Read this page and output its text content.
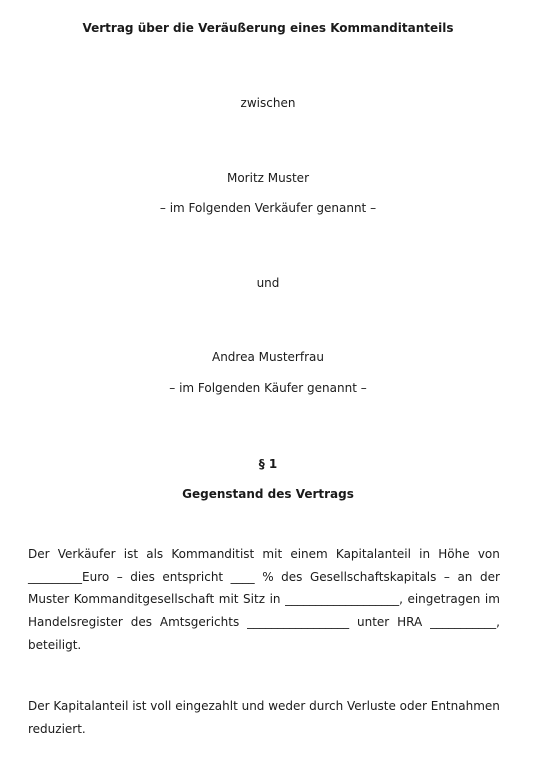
Vertrag über die Veräußerung eines Kommanditanteils
zwischen
Moritz Muster
– im Folgenden Verkäufer genannt –
und
Andrea Musterfrau
– im Folgenden Käufer genannt –
§ 1
Gegenstand des Vertrags
Der Verkäufer ist als Kommanditist mit einem Kapitalanteil in Höhe von
_________Euro – dies entspricht ____ % des Gesellschaftskapitals – an der
Muster Kommanditgesellschaft mit Sitz in ___________________, eingetragen im
Handelsregister des Amtsgerichts _________________ unter HRA ___________,
beteiligt.
Der Kapitalanteil ist voll eingezahlt und weder durch Verluste oder Entnahmen
reduziert.
